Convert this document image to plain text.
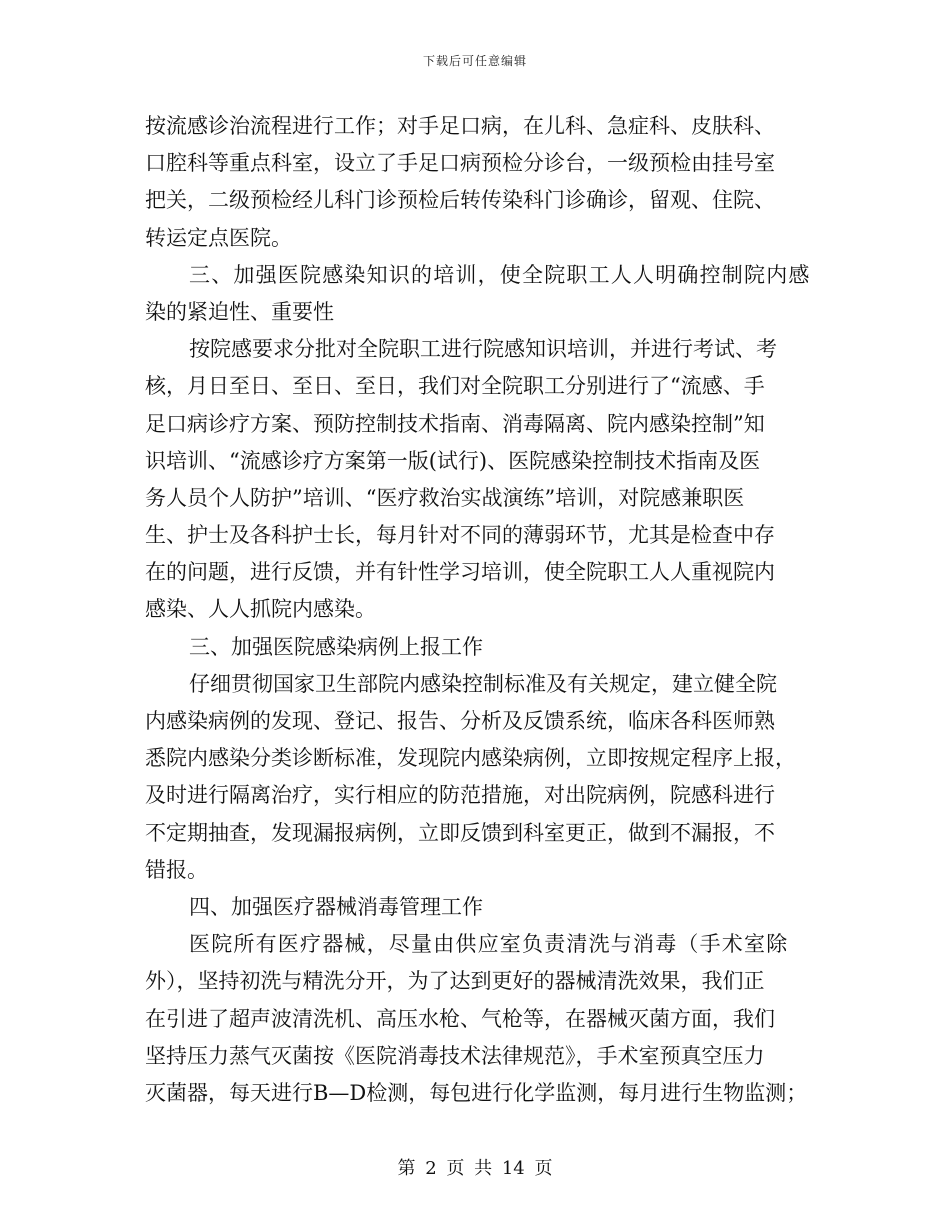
下载后可任意编辑
按流感诊治流程进行工作；对手足口病，在儿科、急症科、皮肤科、
口腔科等重点科室，设立了手足口病预检分诊台，一级预检由挂号室
把关，二级预检经儿科门诊预检后转传染科门诊确诊，留观、住院、
转运定点医院。
三、加强医院感染知识的培训，使全院职工人人明确控制院内感
染的紧迫性、重要性
按院感要求分批对全院职工进行院感知识培训，并进行考试、考
核，月日至日、至日、至日，我们对全院职工分别进行了“流感、手
足口病诊疗方案、预防控制技术指南、消毒隔离、院内感染控制”知
识培训、“流感诊疗方案第一版(试行)、医院感染控制技术指南及医
务人员个人防护”培训、“医疗救治实战演练”培训，对院感兼职医
生、护士及各科护士长，每月针对不同的薄弱环节，尤其是检查中存
在的问题，进行反馈，并有针性学习培训，使全院职工人人重视院内
感染、人人抓院内感染。
三、加强医院感染病例上报工作
仔细贯彻国家卫生部院内感染控制标准及有关规定，建立健全院
内感染病例的发现、登记、报告、分析及反馈系统，临床各科医师熟
悉院内感染分类诊断标准，发现院内感染病例，立即按规定程序上报，
及时进行隔离治疗，实行相应的防范措施，对出院病例，院感科进行
不定期抽查，发现漏报病例，立即反馈到科室更正，做到不漏报，不
错报。
四、加强医疗器械消毒管理工作
医院所有医疗器械，尽量由供应室负责清洗与消毒（手术室除
外），坚持初洗与精洗分开，为了达到更好的器械清洗效果，我们正
在引进了超声波清洗机、高压水枪、气枪等，在器械灭菌方面，我们
坚持压力蒸气灭菌按《医院消毒技术法律规范》，手术室预真空压力
灭菌器，每天进行B—D检测，每包进行化学监测，每月进行生物监测；
第 2 页 共 14 页
